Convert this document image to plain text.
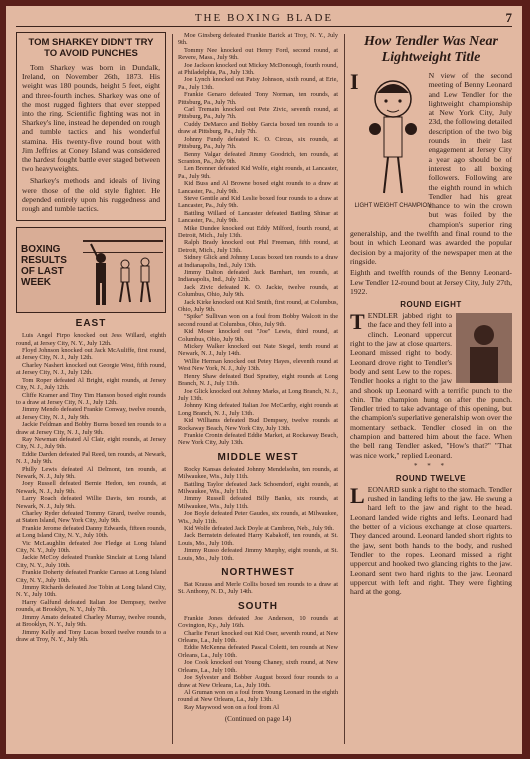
THE BOXING BLADE	7
TOM SHARKEY DIDN'T TRY TO AVOID PUNCHES

Tom Sharkey was born in Dundalk, Ireland, on November 26th, 1873. His weight was 180 pounds, height 5 feet, eight and three-fourth inches. Sharkey was one of the most rugged fighters that ever stepped into the ring. Scientific fighting was not in Sharkey's line, instead he depended on rough and tumble tactics and his wonderful stamina. His twenty-five round bout with Jim Jeffries at Coney Island was considered the hardest fought battle ever staged between two heavyweights.

Sharkey's methods and ideals of living were those of the old style fighter. He depended entirely upon his ruggedness and rough and tumble tactics.

BOXING RESULTS OF LAST WEEK
EAST

Luis Angel Firpo knocked out Jess Willard, eighth round, at Jersey City, N. Y., July 12th.

Floyd Johnson knocked out Jack McAuliffe, first round, at Jersey City, N. J., July 12th.

Charley Nashert knocked out Georgie West, fifth round, at Jersey City, N. J., July 12th.

Tom Roper defeated Al Bright, eight rounds, at Jersey City, N. J., July 12th.

Cliffe Kramer and Tiny Tim Hanson boxed eight rounds to a draw at Jersey City, N. J., July 12th.

Jimmy Mendo defeated Frankie Conway, twelve rounds, at Jersey City, N. J., July 9th.

Jackie Feldman and Bobby Burns boxed ten rounds to a draw at Jersey City, N. J., July 9th.

Ray Newman defeated Al Clair, eight rounds, at Jersey City, N. J., July 9th.

Eddie Darden defeated Pal Reed, ten rounds, at Newark, N. J., July 9th.

Philly Lewis defeated Al Delmont, ten rounds, at Newark, N. J., July 9th.

Joey Russell defeated Bernie Hedon, ten rounds, at Newark, N. J., July 9th.

Larry Roach defeated Willie Davis, ten rounds, at Newark, N. J., July 9th.

Charley Ryder defeated Tommy Girard, twelve rounds, at Staten Island, New York City, July 9th.

Frankie Jerome defeated Danny Edwards, fifteen rounds, at Long Island City, N. Y., July 10th.

Vic McLaughlin defeated Joe Fledge at Long Island City, N. Y., July 10th.

Jackie McCoy defeated Frankie Sinclair at Long Island City, N. Y., July 10th.

Frankie Doherty defeated Frankie Caruso at Long Island City, N. Y., July 10th.

Jimmy Richards defeated Joe Tobin at Long Island City, N. Y., July 10th.

Harry Galfund defeated Italian Joe Dempsey, twelve rounds, at Brooklyn, N. Y., July 7th.

Jimmy Amato defeated Charley Murray, twelve rounds, at Brooklyn, N. Y., July 9th.

Jimmy Kelly and Tony Lucas boxed twelve rounds to a draw at Troy, N. Y., July 9th.

Moe Ginsberg defeated Frankie Barick at Troy, N. Y., July 9th.

Tommy Nee knocked out Henry Ford, second round, at Revere, Mass., July 9th.

Joe Jackson knocked out Mickey McDonough, fourth round, at Philadelphia, Pa., July 13th.

Joe Lynch knocked out Patsy Johnson, sixth round, at Erie, Pa., July 13th.

Frankie Genaro defeated Tony Norman, ten rounds, at Pittsburg, Pa., July 7th.

Carl Tremain knocked out Pete Zivic, seventh round, at Pittsburg, Pa., July 7th.

Cuddy DeMarco and Bobby Garcia boxed ten rounds to a draw at Pittsburg, Pa., July 7th.

Johnny Fundy defeated K. O. Circus, six rounds, at Pittsburg, Pa., July 7th.

Benny Valgar defeated Jimmy Goodrich, ten rounds, at Scranton, Pa., July 9th.

Len Brenner defeated Kid Wolfe, eight rounds, at Lancaster, Pa., July 9th.

Kid Buss and Al Browne boxed eight rounds to a draw at Lancaster, Pa., July 9th.

Steve Gentile and Kid Leslie boxed four rounds to a draw at Lancaster, Pa., July 9th.

Battling Willard of Lancaster defeated Battling Shinar at Lancaster, Pa., July 9th.

Mike Dundee knocked out Eddy Milford, fourth round, at Detroit, Mich., July 13th.

Ralph Brady knocked out Phil Freeman, fifth round, at Detroit, Mich., July 13th.

Sidney Glick and Johnny Lucas boxed ten rounds to a draw at Indianapolis, Ind., July 13th.

Jimmy Dalton defeated Jack Barnhart, ten rounds, at Indianapolis, Ind., July 12th.

Jack Zivic defeated K. O. Jackie, twelve rounds, at Columbus, Ohio, July 9th.

Jack Kirke knocked out Kid Smith, first round, at Columbus, Ohio, July 9th.

"Spike" Sullivan won on a foul from Bobby Walcott in the second round at Columbus, Ohio, July 9th.

Kid Moser knocked out "Joe" Lewis, third round, at Columbus, Ohio, July 9th.

Mickey Walker knocked out Nate Siegel, tenth round at Newark, N. J., July 14th.

Willie Herman knocked out Petey Hayes, eleventh round at West New York, N. J., July 13th.

Henry Shaw defeated Bud Sprattey, eight rounds at Long Branch, N. J., July 13th.

Joe Glick knocked out Johnny Marks, at Long Branch, N. J., July 13th.

Johnny King defeated Italian Joe McCarthy, eight rounds at Long Branch, N. J., July 13th.

Kid Williams defeated Bud Dempsey, twelve rounds at Rockaway Beach, New York City, July 13th.

Frankie Cronin defeated Eddie Market, at Rockaway Beach, New York City, July 13th.

MIDDLE WEST

Rocky Kansas defeated Johnny Mendelsohn, ten rounds, at Milwaukee, Wis., July 11th.

Battling Taylor defeated Jack Schoendorf, eight rounds, at Milwaukee, Wis., July 11th.

Jimmy Russell defeated Billy Banks, six rounds, at Milwaukee, Wis., July 11th.

Joe Boyle defeated Peter Gaudes, six rounds, at Milwaukee, Wis., July 11th.

Kid Wolfe defeated Jack Doyle at Cambron, Neb., July 9th.

Jack Bernstein defeated Harry Kabakoff, ten rounds, at St. Louis, Mo., July 10th.

Jimmy Russo defeated Jimmy Murphy, eight rounds, at St. Louis, Mo., July 10th.

NORTHWEST

Bat Krauss and Merle Collis boxed ten rounds to a draw at St. Anthony, N. D., July 14th.

SOUTH

Frankie Jones defeated Joe Anderson, 10 rounds at Covington, Ky., July 16th.

Charlie Ferari knocked out Kid Oser, seventh round, at New Orleans, La., July 10th.

Eddie McKenna defeated Pascal Coletti, ten rounds at New Orleans, La., July 10th.

Joe Cook knocked out Young Chaney, sixth round, at New Orleans, La., July 10th.

Joe Sylvester and Bobber August boxed four rounds to a draw at New Orleans, La., July 10th.

Al Gruman won on a foul from Young Leonard in the eighth round at New Orleans, La., July 13th.

Ray Maywood won on a foul from Al

(Continued on page 14)
How Tendler Was Near Lightweight Title

I
LIGHT WEIGHT CHAMPION
N view of the second meeting of Benny Leonard and Lew Tendler for the lightweight championship at New York City, July 23d, the following detailed description of the two big rounds in their last engagement at Jersey City a year ago should be of interest to all boxing followers. Following are the eighth round in which Tendler had his great chance to win the crown but was foiled by the champion's superior ring generalship, and the twelfth and final round to the bout in which Leonard was awarded the popular decision by a majority of the newspaper men at the ringside.

Eighth and twelfth rounds of the Benny Leonard-Lew Tendler 12-round bout at Jersey City, July 27th, 1922.

ROUND EIGHT

T ENDLER jabbed right to the face and they fell into a clinch. Leonard uppercut right to the jaw at close quarters. Leonard missed right to body. Leonard drove right to Tendler's body and sent Lew to the ropes. Tendler hooks a right to the jaw and shook up Leonard with a terrific punch to the chin. The champion hung on after the punch. Tendler tried to take advantage of this opening, but the champion's superlative generalship won over the momentary setback. Tendler closed in on the champion and battered him about the face. When the bell rang Tendler asked, "How's that?" "That was nice work," replied Leonard.

* * *
ROUND TWELVE

L EONARD sunk a right to the stomach. Tendler rushed in landing lefts to the jaw. He swung a hard left to the jaw and right to the head. Leonard landed wide rights and lefts. Leonard had the better of a vicious exchange at close quarters. They danced around. Leonard landed short rights to the jaw, sent both hands to the body, and rushed Tendler to the ropes. Leonard missed a right uppercut and hooked two glancing rights to the jaw. Leonard sent two hard rights to the jaw. Leonard uppercut with left and right. They were fighting hard at the gong.
